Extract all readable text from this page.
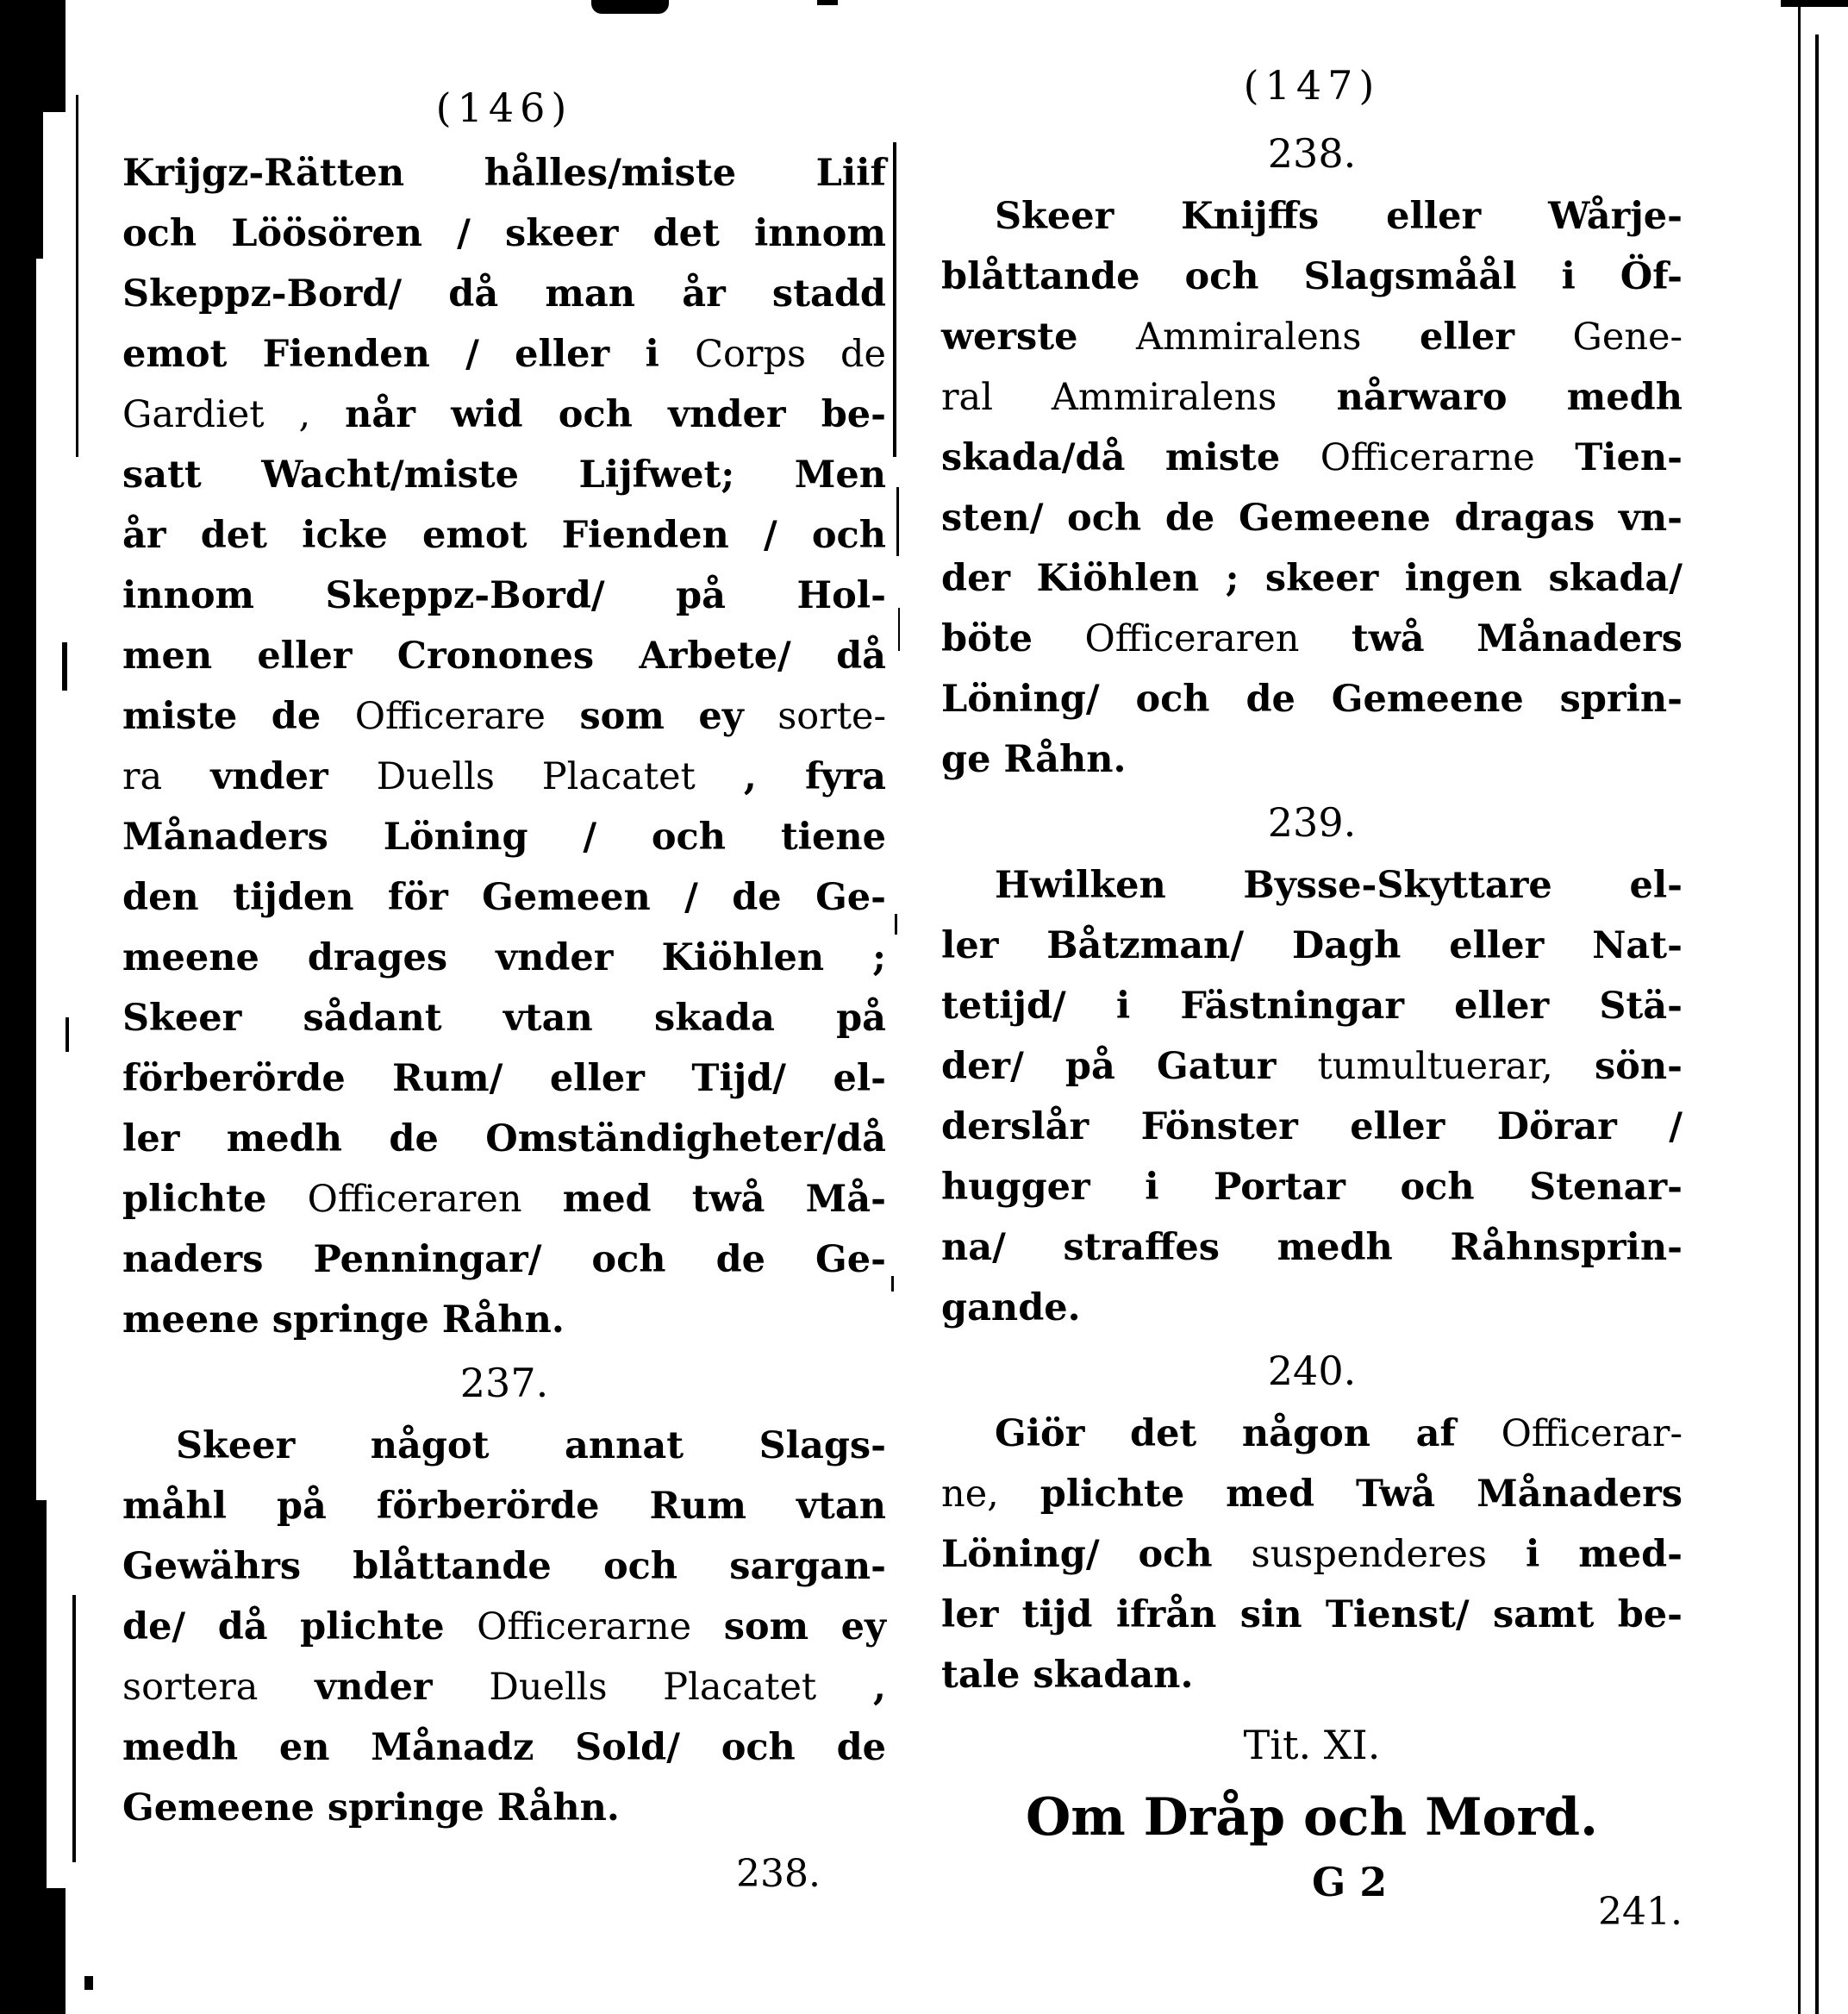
(146)
Krijgz-Rätten hålles/miste Liif
och Löösören / skeer det innom
Skeppz-Bord/ då man år stadd
emot Fienden / eller i Corps de
Gardiet , når wid och vnder be-
satt Wacht/miste Lijfwet; Men
år det icke emot Fienden / och
innom Skeppz-Bord/ på Hol-
men eller Cronones Arbete/ då
miste de Officerare som ey sorte-
ra vnder Duells Placatet , fyra
Månaders Löning / och tiene
den tijden för Gemeen / de Ge-
meene drages vnder Kiöhlen ;
Skeer sådant vtan skada på
förberörde Rum/ eller Tijd/ el-
ler medh de Omständigheter/då
plichte Officeraren med twå Må-
naders Penningar/ och de Ge-
meene springe Råhn.
237.
Skeer något annat Slags-
måhl på förberörde Rum vtan
Gewährs blåttande och sargan-
de/ då plichte Officerarne som ey
sortera vnder Duells Placatet ,
medh en Månadz Sold/ och de
Gemeene springe Råhn.
238.
(147)
238.
Skeer Knijffs eller Wårje-
blåttande och Slagsmåål i Öf-
werste Ammiralens eller Gene-
ral Ammiralens nårwaro medh
skada/då miste Officerarne Tien-
sten/ och de Gemeene dragas vn-
der Kiöhlen ; skeer ingen skada/
böte Officeraren twå Månaders
Löning/ och de Gemeene sprin-
ge Råhn.
239.
Hwilken Bysse-Skyttare el-
ler Båtzman/ Dagh eller Nat-
tetijd/ i Fästningar eller Stä-
der/ på Gatur tumultuerar, sön-
derslår Fönster eller Dörar /
hugger i Portar och Stenar-
na/ straffes medh Råhnsprin-
gande.
240.
Giör det någon af Officerar-
ne, plichte med Twå Månaders
Löning/ och suspenderes i med-
ler tijd ifrån sin Tienst/ samt be-
tale skadan.
Tit. XI.
Om Dråp och Mord.
G 2
241.
